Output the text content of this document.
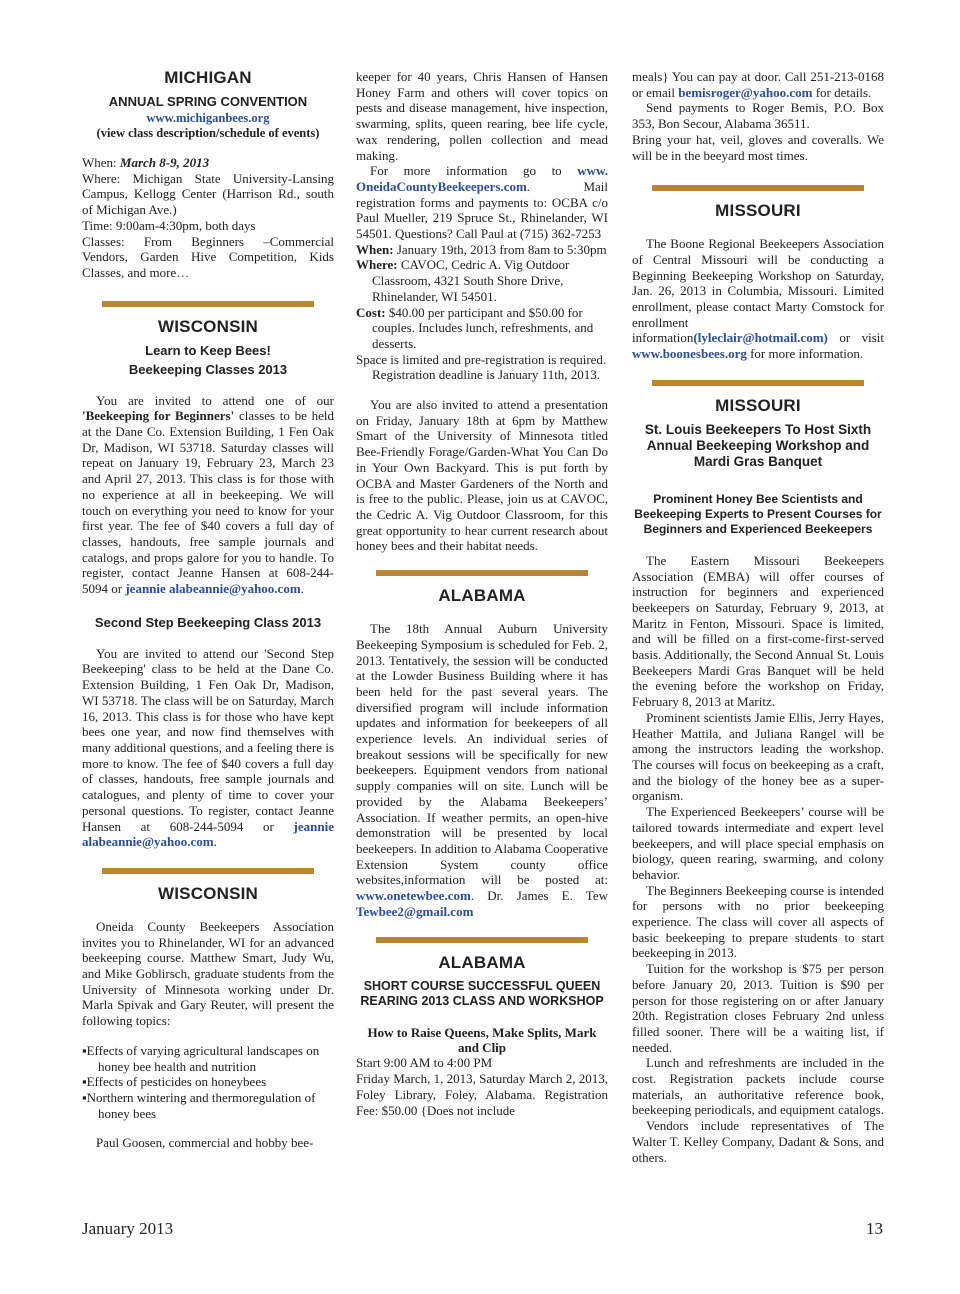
MICHIGAN
ANNUAL SPRING CONVENTION
www.michiganbees.org
(view class description/schedule of events)

When: March 8-9, 2013

Where: Michigan State University-Lansing Campus, Kellogg Center (Harrison Rd., south of Michigan Ave.)

Time: 9:00am-4:30pm, both days

Classes: From Beginners –Commercial Vendors, Garden Hive Competition, Kids Classes, and more…

WISCONSIN
Learn to Keep Bees!
Beekeeping Classes 2013

You are invited to attend one of our 'Beekeeping for Beginners' classes to be held at the Dane Co. Extension Building, 1 Fen Oak Dr, Madison, WI 53718. Saturday classes will repeat on January 19, February 23, March 23 and April 27, 2013. This class is for those with no experience at all in beekeeping. We will touch on everything you need to know for your first year. The fee of $40 covers a full day of classes, handouts, free sample journals and catalogs, and props galore for you to handle. To register, contact Jeanne Hansen at 608-244-5094 or jeannie alabeannie@yahoo.com.

Second Step Beekeeping Class 2013

You are invited to attend our 'Second Step Beekeeping' class to be held at the Dane Co. Extension Building, 1 Fen Oak Dr, Madison, WI 53718. The class will be on Saturday, March 16, 2013. This class is for those who have kept bees one year, and now find themselves with many additional questions, and a feeling there is more to know. The fee of $40 covers a full day of classes, handouts, free sample journals and catalogues, and plenty of time to cover your personal questions. To register, contact Jeanne Hansen at 608-244-5094 or jeannie alabeannie@yahoo.com.

WISCONSIN

Oneida County Beekeepers Association invites you to Rhinelander, WI for an advanced beekeeping course. Matthew Smart, Judy Wu, and Mike Goblirsch, graduate students from the University of Minnesota working under Dr. Marla Spivak and Gary Reuter, will present the following topics:

▪Effects of varying agricultural landscapes on honey bee health and nutrition

▪Effects of pesticides on honeybees

▪Northern wintering and thermoregulation of honey bees

Paul Goosen, commercial and hobby bee-

keeper for 40 years, Chris Hansen of Hansen Honey Farm and others will cover topics on pests and disease management, hive inspection, swarming, splits, queen rearing, bee life cycle, wax rendering, pollen collection and mead making.

For more information go to www. OneidaCountyBeekeepers.com. Mail registration forms and payments to: OCBA c/o Paul Mueller, 219 Spruce St., Rhinelander, WI 54501. Questions? Call Paul at (715) 362-7253

When: January 19th, 2013 from 8am to 5:30pm

Where: CAVOC, Cedric A. Vig Outdoor Classroom, 4321 South Shore Drive, Rhinelander, WI 54501.

Cost: $40.00 per participant and $50.00 for couples. Includes lunch, refreshments, and desserts.

Space is limited and pre-registration is required. Registration deadline is January 11th, 2013.

You are also invited to attend a presentation on Friday, January 18th at 6pm by Matthew Smart of the University of Minnesota titled Bee-Friendly Forage/Garden-What You Can Do in Your Own Backyard. This is put forth by OCBA and Master Gardeners of the North and is free to the public. Please, join us at CAVOC, the Cedric A. Vig Outdoor Classroom, for this great opportunity to hear current research about honey bees and their habitat needs.

ALABAMA

The 18th Annual Auburn University Beekeeping Symposium is scheduled for Feb. 2, 2013. Tentatively, the session will be conducted at the Lowder Business Building where it has been held for the past several years. The diversified program will include information updates and information for beekeepers of all experience levels. An individual series of breakout sessions will be specifically for new beekeepers. Equipment vendors from national supply companies will on site. Lunch will be provided by the Alabama Beekeepers’ Association. If weather permits, an open-hive demonstration will be presented by local beekeepers. In addition to Alabama Cooperative Extension System county office websites,information will be posted at: www.onetewbee.com. Dr. James E. Tew Tewbee2@gmail.com

ALABAMA
SHORT COURSE SUCCESSFUL QUEEN REARING 2013 CLASS AND WORKSHOP
How to Raise Queens, Make Splits, Mark and Clip

Start 9:00 AM to 4:00 PM

Friday March, 1, 2013, Saturday March 2, 2013, Foley Library, Foley, Alabama. Registration Fee: $50.00 {Does not include

meals} You can pay at door. Call 251-213-0168 or email bemisroger@yahoo.com for details.

Send payments to Roger Bemis, P.O. Box 353, Bon Secour, Alabama 36511.

Bring your hat, veil, gloves and coveralls. We will be in the beeyard most times.

MISSOURI

The Boone Regional Beekeepers Association of Central Missouri will be conducting a Beginning Beekeeping Workshop on Saturday, Jan. 26, 2013 in Columbia, Missouri. Limited enrollment, please contact Marty Comstock for enrollment information(lyleclair@hotmail.com) or visit www.boonesbees.org for more information.

MISSOURI
St. Louis Beekeepers To Host Sixth Annual Beekeeping Workshop and Mardi Gras Banquet
Prominent Honey Bee Scientists and Beekeeping Experts to Present Courses for Beginners and Experienced Beekeepers

The Eastern Missouri Beekeepers Association (EMBA) will offer courses of instruction for beginners and experienced beekeepers on Saturday, February 9, 2013, at Maritz in Fenton, Missouri. Space is limited, and will be filled on a first-come-first-served basis. Additionally, the Second Annual St. Louis Beekeepers Mardi Gras Banquet will be held the evening before the workshop on Friday, February 8, 2013 at Maritz.

Prominent scientists Jamie Ellis, Jerry Hayes, Heather Mattila, and Juliana Rangel will be among the instructors leading the workshop. The courses will focus on beekeeping as a craft, and the biology of the honey bee as a super-organism.

The Experienced Beekeepers’ course will be tailored towards intermediate and expert level beekeepers, and will place special emphasis on biology, queen rearing, swarming, and colony behavior.

The Beginners Beekeeping course is intended for persons with no prior beekeeping experience. The class will cover all aspects of basic beekeeping to prepare students to start beekeeping in 2013.

Tuition for the workshop is $75 per person before January 20, 2013. Tuition is $90 per person for those registering on or after January 20th. Registration closes February 2nd unless filled sooner. There will be a waiting list, if needed.

Lunch and refreshments are included in the cost. Registration packets include course materials, an authoritative reference book, beekeeping periodicals, and equipment catalogs.

Vendors include representatives of The Walter T. Kelley Company, Dadant & Sons, and others.

January 2013	13
